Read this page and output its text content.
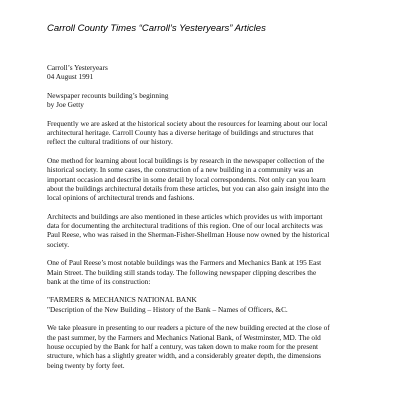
Carroll County Times “Carroll’s Yesteryears” Articles
Carroll’s Yesteryears
04 August 1991
Newspaper recounts building’s beginning
by Joe Getty
Frequently we are asked at the historical society about the resources for learning about our local
architectural heritage. Carroll County has a diverse heritage of buildings and structures that
reflect the cultural traditions of our history.
One method for learning about local buildings is by research in the newspaper collection of the
historical society. In some cases, the construction of a new building in a community was an
important occasion and describe in some detail by local correspondents. Not only can you learn
about the buildings architectural details from these articles, but you can also gain insight into the
local opinions of architectural trends and fashions.
Architects and buildings are also mentioned in these articles which provides us with important
data for documenting the architectural traditions of this region. One of our local architects was
Paul Reese, who was raised in the Sherman-Fisher-Shellman House now owned by the historical
society.
One of Paul Reese’s most notable buildings was the Farmers and Mechanics Bank at 195 East
Main Street. The building still stands today. The following newspaper clipping describes the
bank at the time of its construction:
"FARMERS & MECHANICS NATIONAL BANK
"Description of the New Building – History of the Bank – Names of Officers, &C.
We take pleasure in presenting to our readers a picture of the new building erected at the close of
the past summer, by the Farmers and Mechanics National Bank, of Westminster, MD. The old
house occupied by the Bank for half a century, was taken down to make room for the present
structure, which has a slightly greater width, and a considerably greater depth, the dimensions
being twenty by forty feet.
